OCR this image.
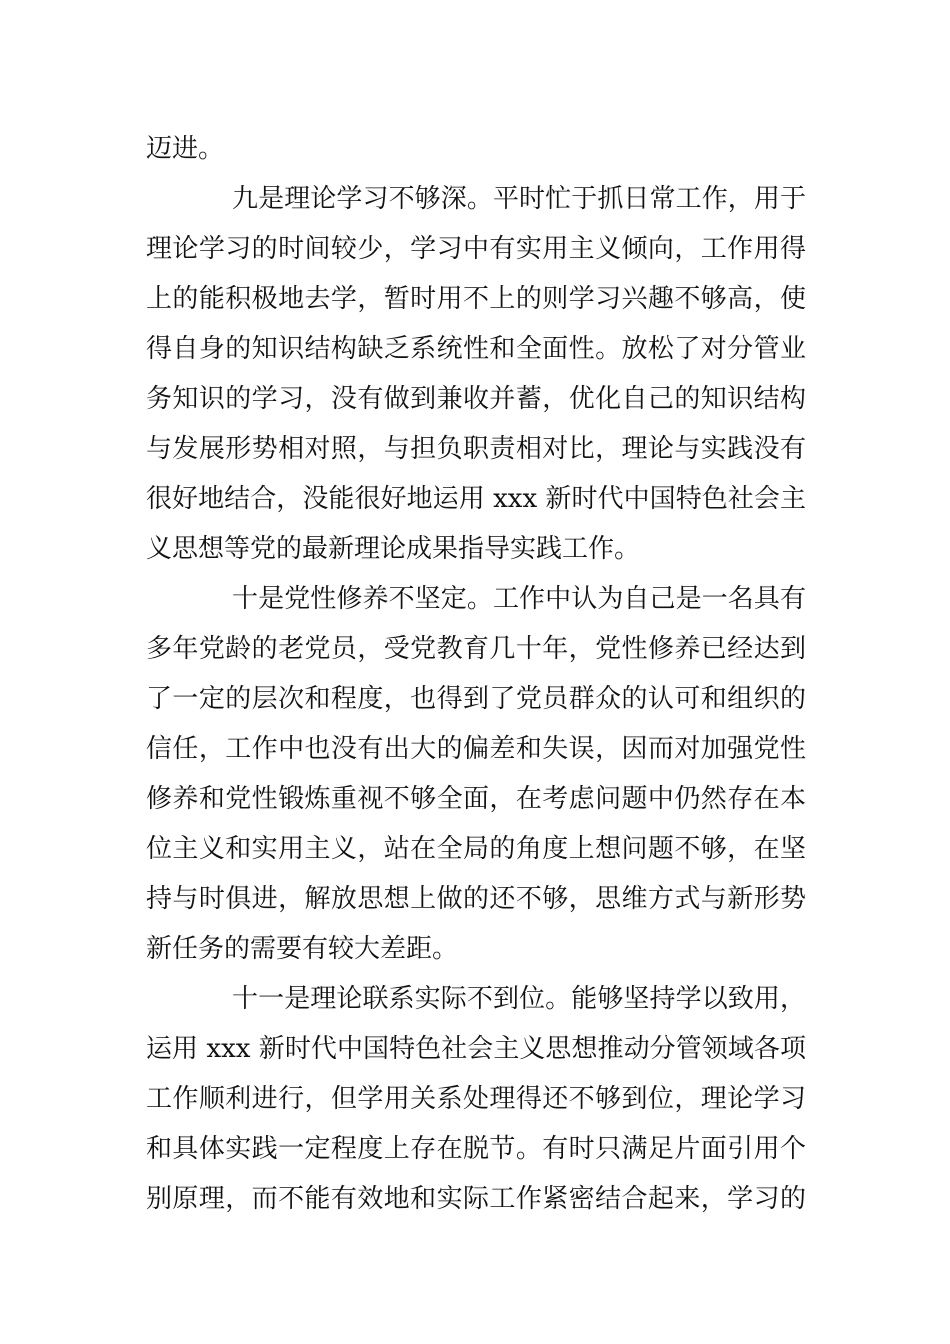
迈进。
九是理论学习不够深。平时忙于抓日常工作，用于
理论学习的时间较少，学习中有实用主义倾向，工作用得
上的能积极地去学，暂时用不上的则学习兴趣不够高，使
得自身的知识结构缺乏系统性和全面性。放松了对分管业
务知识的学习，没有做到兼收并蓄，优化自己的知识结构
与发展形势相对照，与担负职责相对比，理论与实践没有
很好地结合，没能很好地运用 xxx 新时代中国特色社会主
义思想等党的最新理论成果指导实践工作。
十是党性修养不坚定。工作中认为自己是一名具有
多年党龄的老党员，受党教育几十年，党性修养已经达到
了一定的层次和程度，也得到了党员群众的认可和组织的
信任，工作中也没有出大的偏差和失误，因而对加强党性
修养和党性锻炼重视不够全面，在考虑问题中仍然存在本
位主义和实用主义，站在全局的角度上想问题不够，在坚
持与时俱进，解放思想上做的还不够，思维方式与新形势
新任务的需要有较大差距。
十一是理论联系实际不到位。能够坚持学以致用，
运用 xxx 新时代中国特色社会主义思想推动分管领域各项
工作顺利进行，但学用关系处理得还不够到位，理论学习
和具体实践一定程度上存在脱节。有时只满足片面引用个
别原理，而不能有效地和实际工作紧密结合起来，学习的
